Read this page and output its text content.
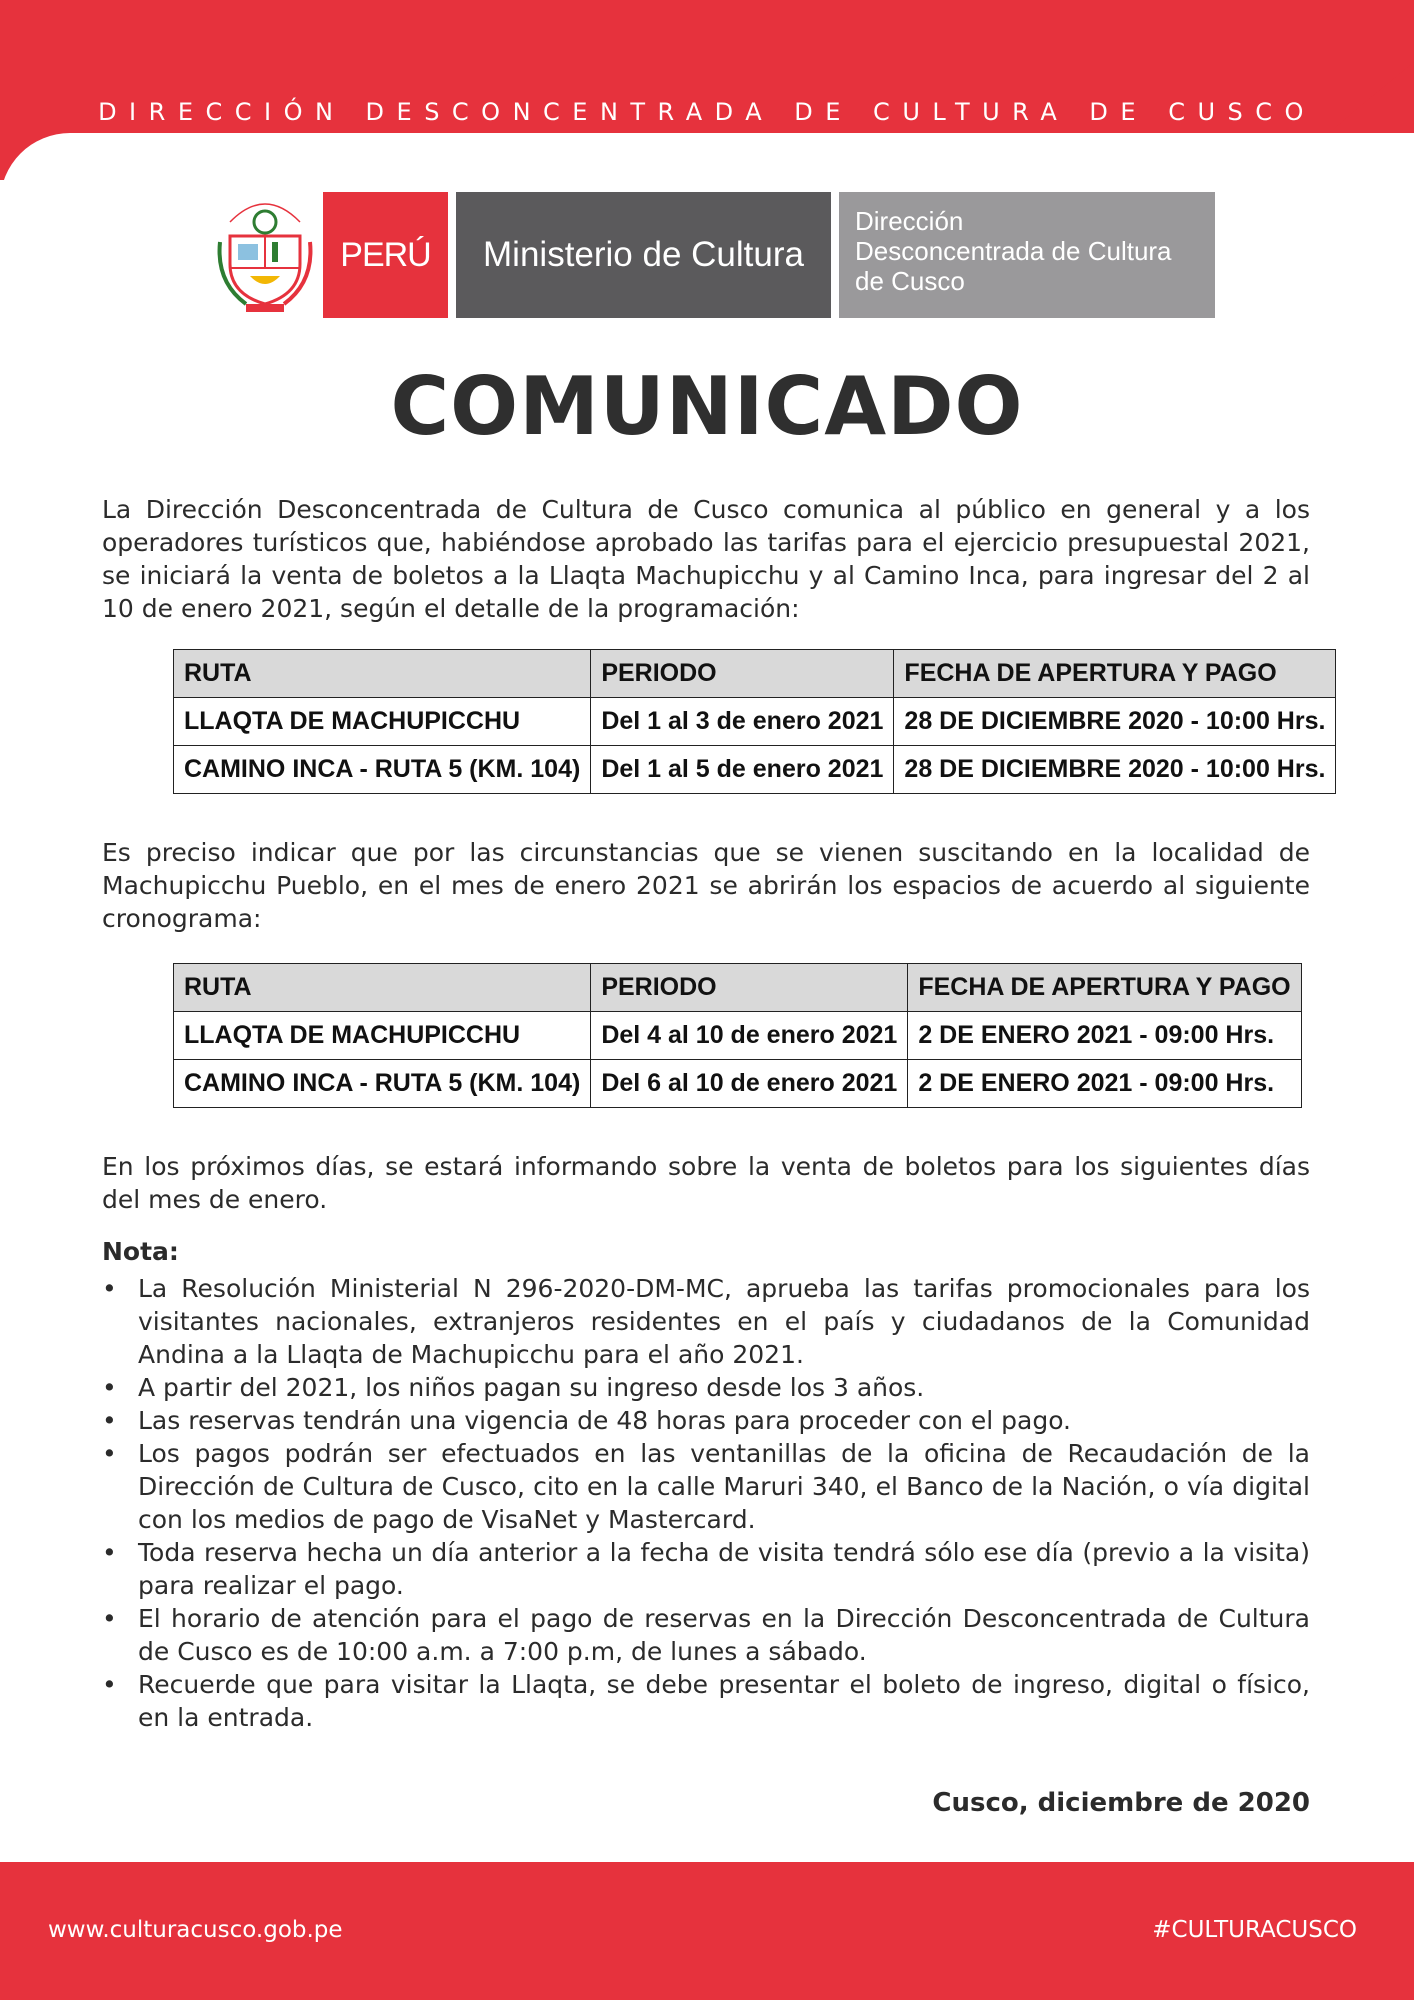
DIRECCIÓN DESCONCENTRADA DE CULTURA DE CUSCO
PERÚ	Ministerio de Cultura
Dirección
Desconcentrada de Cultura
de Cusco
COMUNICADO
La Dirección Desconcentrada de Cultura de Cusco comunica al público en general y a los operadores turísticos que, habiéndose aprobado las tarifas para el ejercicio presupuestal 2021, se iniciará la venta de boletos a la Llaqta Machupicchu y al Camino Inca, para ingresar del 2 al 10 de enero 2021, según el detalle de la programación:
RUTA	PERIODO	FECHA DE APERTURA Y PAGO
LLAQTA DE MACHUPICCHU	Del 1 al 3 de enero 2021	28 DE DICIEMBRE 2020 - 10:00 Hrs.
CAMINO INCA - RUTA 5 (KM. 104)	Del 1 al 5 de enero 2021	28 DE DICIEMBRE 2020 - 10:00 Hrs.
Es preciso indicar que por las circunstancias que se vienen suscitando en la localidad de Machupicchu Pueblo, en el mes de enero 2021 se abrirán los espacios de acuerdo al siguiente cronograma:
RUTA	PERIODO	FECHA DE APERTURA Y PAGO
LLAQTA DE MACHUPICCHU	Del 4 al 10 de enero 2021	2 DE ENERO 2021 - 09:00 Hrs.
CAMINO INCA - RUTA 5 (KM. 104)	Del 6 al 10 de enero 2021	2 DE ENERO 2021 - 09:00 Hrs.
En los próximos días, se estará informando sobre la venta de boletos para los siguientes días del mes de enero.
Nota:
• La Resolución Ministerial N 296-2020-DM-MC, aprueba las tarifas promocionales para los visitantes nacionales, extranjeros residentes en el país y ciudadanos de la Comunidad Andina a la Llaqta de Machupicchu para el año 2021.
• A partir del 2021, los niños pagan su ingreso desde los 3 años.
• Las reservas tendrán una vigencia de 48 horas para proceder con el pago.
• Los pagos podrán ser efectuados en las ventanillas de la oficina de Recaudación de la Dirección de Cultura de Cusco, cito en la calle Maruri 340, el Banco de la Nación, o vía digital con los medios de pago de VisaNet y Mastercard.
• Toda reserva hecha un día anterior a la fecha de visita tendrá sólo ese día (previo a la visita) para realizar el pago.
• El horario de atención para el pago de reservas en la Dirección Desconcentrada de Cultura de Cusco es de 10:00 a.m. a 7:00 p.m, de lunes a sábado.
• Recuerde que para visitar la Llaqta, se debe presentar el boleto de ingreso, digital o físico, en la entrada.
Cusco, diciembre de 2020
www.culturacusco.gob.pe	#CULTURACUSCO
